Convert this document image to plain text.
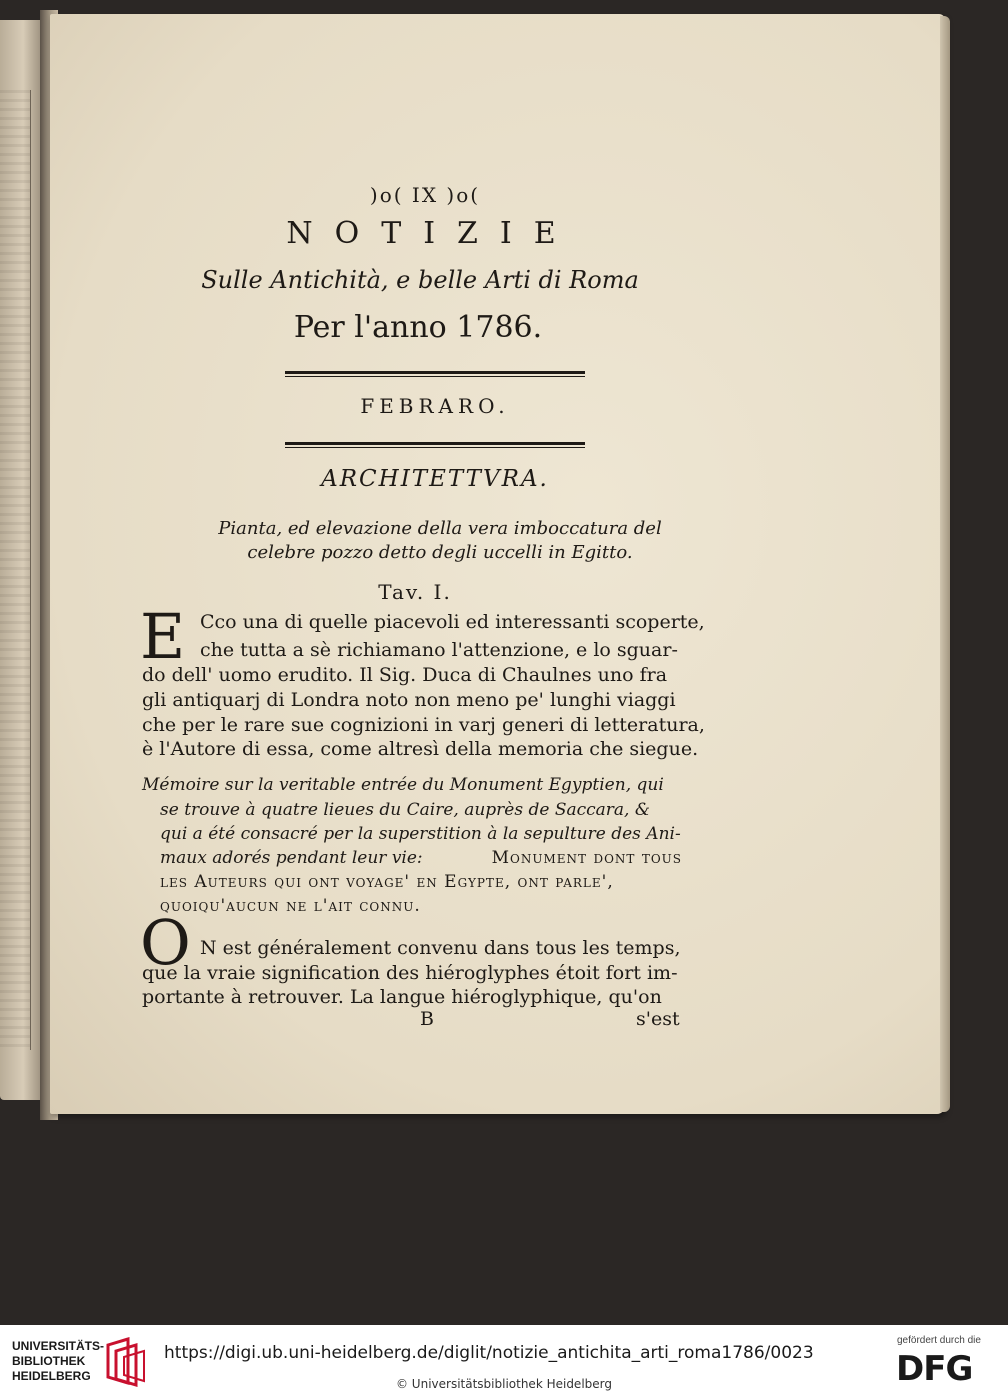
)o( IX )o(

NOTIZIE

Sulle Antichità, e belle Arti di Roma

Per l'anno 1786.

FEBRARO.

ARCHITETTVRA.

Pianta, ed elevazione della vera imboccatura del

celebre pozzo detto degli uccelli in Egitto.

Tav. I.

E Cco una di quelle piacevoli ed interessanti scoperte,

che tutta a sè richiamano l'attenzione, e lo sguar-

do dell' uomo erudito. Il Sig. Duca di Chaulnes uno fra

gli antiquarj di Londra noto non meno pe' lunghi viaggi

che per le rare sue cognizioni in varj generi di letteratura,

è l'Autore di essa, come altresì della memoria che siegue.

Mémoire sur la veritable entrée du Monument Egyptien, qui

se trouve à quatre lieues du Caire, auprès de Saccara, &

qui a été consacré per la superstition à la sepulture des Ani-

maux adorés pendant leur vie:	Monument dont tous

les Auteurs qui ont voyage' en Egypte, ont parle',

quoiqu'aucun ne l'ait connu.

O N est généralement convenu dans tous les temps,

que la vraie signification des hiéroglyphes étoit fort im-

portante à retrouver. La langue hiéroglyphique, qu'on

B	s'est

UNIVERSITÄTS-
BIBLIOTHEK
HEIDELBERG

https://digi.ub.uni-heidelberg.de/diglit/notizie_antichita_arti_roma1786/0023

© Universitätsbibliothek Heidelberg

gefördert durch die

DFG
